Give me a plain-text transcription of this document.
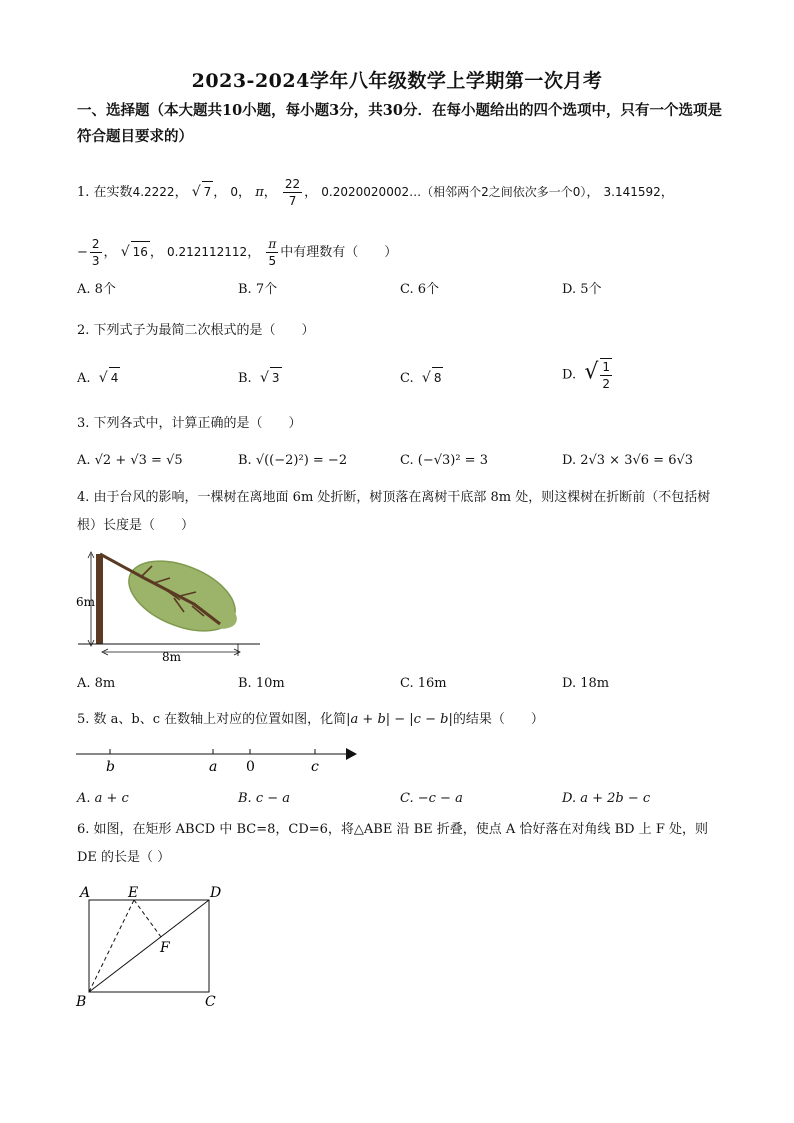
2023-2024学年八年级数学上学期第一次月考
一、选择题（本大题共10小题，每小题3分，共30分．在每小题给出的四个选项中，只有一个选项是符合题目要求的）
1. 在实数4.2222， √ 7 ， 0， π， $\frac{22}{7}$ ， 0.2020020002…（相邻两个2之间依次多一个0）， 3.141592，
− $\frac{2}{3}$ ， √ 16 ， 0.212112112， $\frac{\pi}{5}$ 中有理数有（　　）
A. 8个	B. 7个	C. 6个	D. 5个
2. 下列式子为最简二次根式的是（　　）
A. √ 4	B. √ 3	C. √ 8	D. √ $\frac{1}{2}$
3. 下列各式中，计算正确的是（　　）
A. √2 + √3 = √5	B. √((−2)²) = −2	C. (−√3)² = 3	D. 2√3 × 3√6 = 6√3
4. 由于台风的影响，一棵树在离地面 6m 处折断，树顶落在离树干底部 8m 处，则这棵树在折断前（不包括树根）长度是（　　）
6m
8m
A. 8m	B. 10m	C. 16m	D. 18m
5. 数 a、b、c 在数轴上对应的位置如图，化简|a + b| − |c − b|的结果（　　）
b	a 0	c
A. a + c	B. c − a	C. −c − a	D. a + 2b − c
6. 如图，在矩形 ABCD 中 BC=8，CD=6，将△ABE 沿 BE 折叠，使点 A 恰好落在对角线 BD 上 F 处，则 DE 的长是（ ）
A	E	D
F
B	C
